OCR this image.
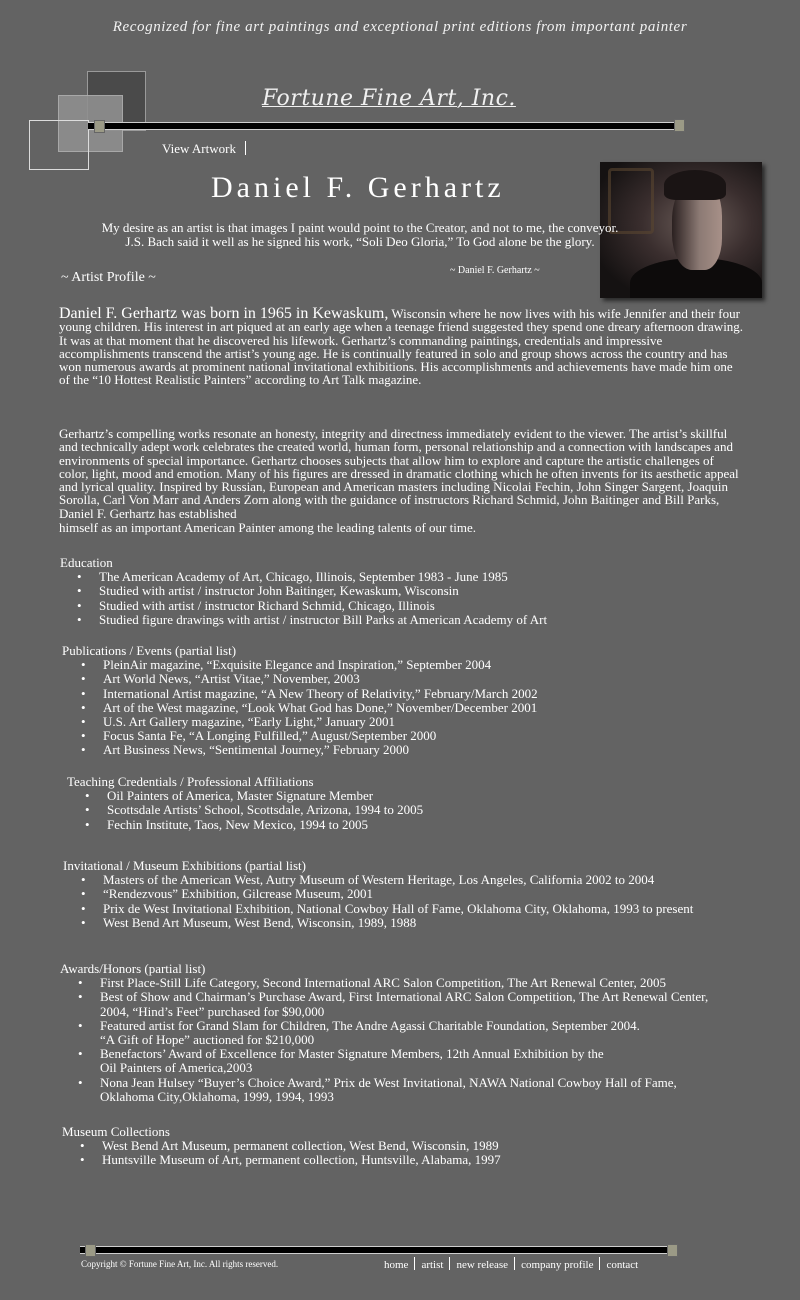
Recognized for fine art paintings and exceptional print editions from important painter
Fortune Fine Art, Inc.
View Artwork
Daniel F. Gerhartz
My desire as an artist is that images I paint would point to the Creator, and not to me, the conveyor.
J.S. Bach said it well as he signed his work, “Soli Deo Gloria,” To God alone be the glory.
~ Daniel F. Gerhartz ~
~ Artist Profile ~
Daniel F. Gerhartz was born in 1965 in Kewaskum, Wisconsin where he now lives with his wife Jennifer and their four young children. His interest in art piqued at an early age when a teenage friend suggested they spend one dreary afternoon drawing. It was at that moment that he discovered his lifework. Gerhartz’s commanding paintings, credentials and impressive accomplishments transcend the artist’s young age. He is continually featured in solo and group shows across the country and has won numerous awards at prominent national invitational exhibitions. His accomplishments and achievements have made him one of the “10 Hottest Realistic Painters” according to Art Talk magazine.
Gerhartz’s compelling works resonate an honesty, integrity and directness immediately evident to the viewer. The artist’s skillful and technically adept work celebrates the created world, human form, personal relationship and a connection with landscapes and environments of special importance. Gerhartz chooses subjects that allow him to explore and capture the artistic challenges of color, light, mood and emotion. Many of his figures are dressed in dramatic clothing which he often invents for its aesthetic appeal and lyrical quality. Inspired by Russian, European and American masters including Nicolai Fechin, John Singer Sargent, Joaquin Sorolla, Carl Von Marr and Anders Zorn along with the guidance of instructors Richard Schmid, John Baitinger and Bill Parks, Daniel F. Gerhartz has established
himself as an important American Painter among the leading talents of our time.
Education
• The American Academy of Art, Chicago, Illinois, September 1983 - June 1985
• Studied with artist / instructor John Baitinger, Kewaskum, Wisconsin
• Studied with artist / instructor Richard Schmid, Chicago, Illinois
• Studied figure drawings with artist / instructor Bill Parks at American Academy of Art
Publications / Events (partial list)
• PleinAir magazine, “Exquisite Elegance and Inspiration,” September 2004
• Art World News, “Artist Vitae,” November, 2003
• International Artist magazine, “A New Theory of Relativity,” February/March 2002
• Art of the West magazine, “Look What God has Done,” November/December 2001
• U.S. Art Gallery magazine, “Early Light,” January 2001
• Focus Santa Fe, “A Longing Fulfilled,” August/September 2000
• Art Business News, “Sentimental Journey,” February 2000
Teaching Credentials / Professional Affiliations
• Oil Painters of America, Master Signature Member
• Scottsdale Artists’ School, Scottsdale, Arizona, 1994 to 2005
• Fechin Institute, Taos, New Mexico, 1994 to 2005
Invitational / Museum Exhibitions (partial list)
• Masters of the American West, Autry Museum of Western Heritage, Los Angeles, California 2002 to 2004
• “Rendezvous” Exhibition, Gilcrease Museum, 2001
• Prix de West Invitational Exhibition, National Cowboy Hall of Fame, Oklahoma City, Oklahoma, 1993 to present
• West Bend Art Museum, West Bend, Wisconsin, 1989, 1988
Awards/Honors (partial list)
• First Place-Still Life Category, Second International ARC Salon Competition, The Art Renewal Center, 2005
• Best of Show and Chairman’s Purchase Award, First International ARC Salon Competition, The Art Renewal Center,
2004, “Hind’s Feet” purchased for $90,000
• Featured artist for Grand Slam for Children, The Andre Agassi Charitable Foundation, September 2004.
“A Gift of Hope” auctioned for $210,000
• Benefactors’ Award of Excellence for Master Signature Members, 12th Annual Exhibition by the
Oil Painters of America,2003
• Nona Jean Hulsey “Buyer’s Choice Award,” Prix de West Invitational, NAWA National Cowboy Hall of Fame,
Oklahoma City,Oklahoma, 1999, 1994, 1993
Museum Collections
• West Bend Art Museum, permanent collection, West Bend, Wisconsin, 1989
• Huntsville Museum of Art, permanent collection, Huntsville, Alabama, 1997
Copyright © Fortune Fine Art, Inc. All rights reserved.	home artist new release company profile contact
